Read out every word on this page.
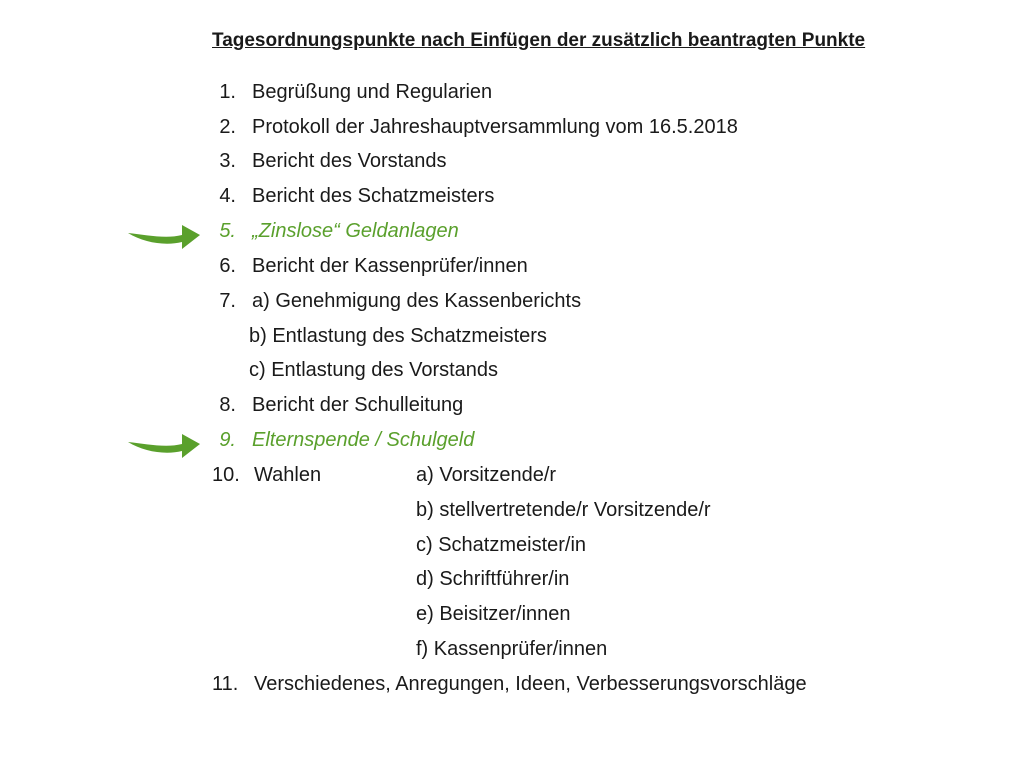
Tagesordnungspunkte nach Einfügen der zusätzlich beantragten Punkte
1. Begrüßung und Regularien
2. Protokoll der Jahreshauptversammlung vom 16.5.2018
3. Bericht des Vorstands
4. Bericht des Schatzmeisters
5. „Zinslose“ Geldanlagen
6. Bericht der Kassenprüfer/innen
7. a) Genehmigung des Kassenberichts
b) Entlastung des Schatzmeisters
c) Entlastung des Vorstands
8. Bericht der Schulleitung
9. Elternspende / Schulgeld
10. Wahlen	a) Vorsitzende/r
b) stellvertretende/r Vorsitzende/r
c) Schatzmeister/in
d) Schriftführer/in
e) Beisitzer/innen
f) Kassenprüfer/innen
11. Verschiedenes, Anregungen, Ideen, Verbesserungsvorschläge
